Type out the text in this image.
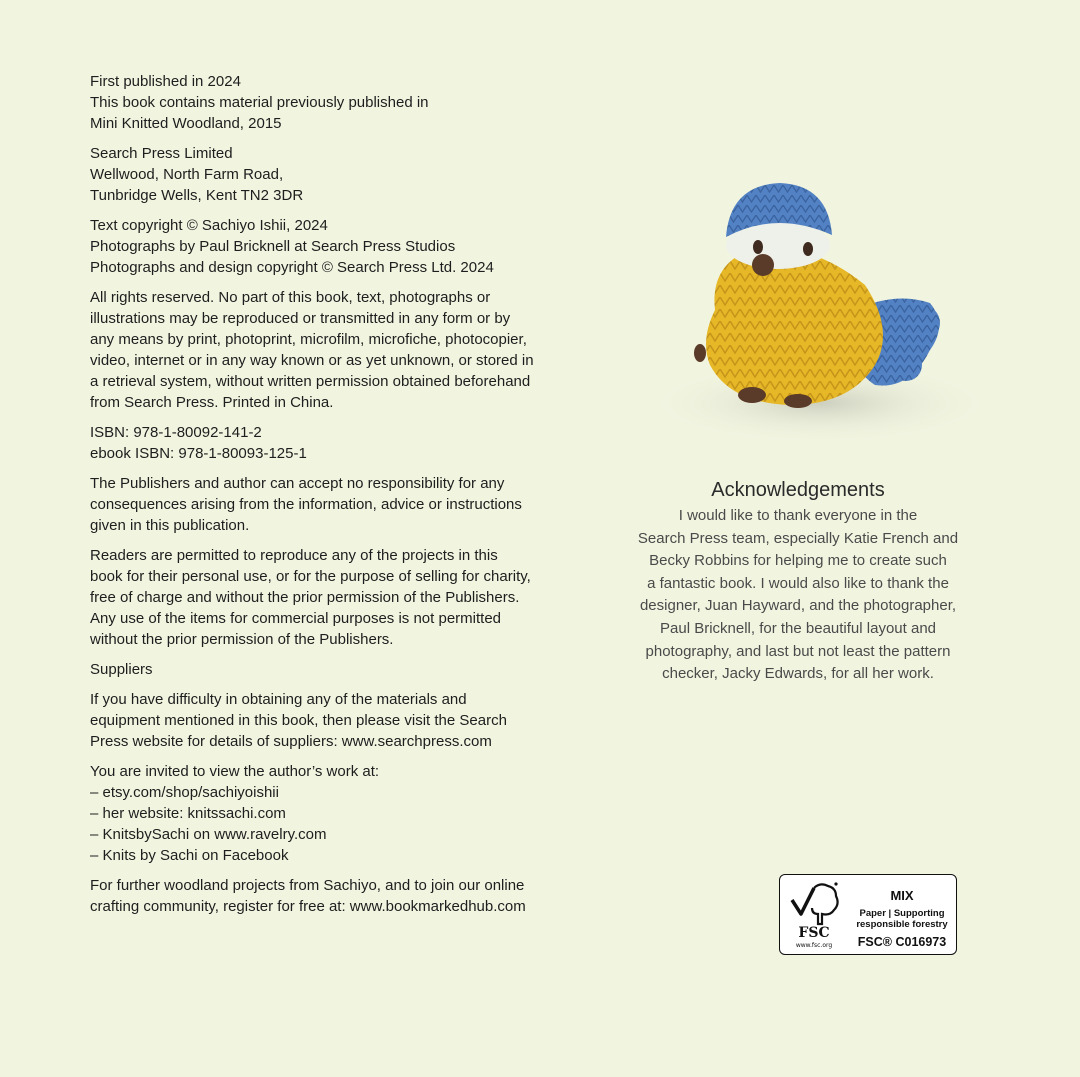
First published in 2024
This book contains material previously published in
Mini Knitted Woodland, 2015

Search Press Limited
Wellwood, North Farm Road,
Tunbridge Wells, Kent TN2 3DR

Text copyright © Sachiyo Ishii, 2024
Photographs by Paul Bricknell at Search Press Studios
Photographs and design copyright © Search Press Ltd. 2024

All rights reserved. No part of this book, text, photographs or
illustrations may be reproduced or transmitted in any form or by
any means by print, photoprint, microfilm, microfiche, photocopier,
video, internet or in any way known or as yet unknown, or stored in
a retrieval system, without written permission obtained beforehand
from Search Press. Printed in China.

ISBN: 978-1-80092-141-2
ebook ISBN: 978-1-80093-125-1

The Publishers and author can accept no responsibility for any
consequences arising from the information, advice or instructions
given in this publication.

Readers are permitted to reproduce any of the projects in this
book for their personal use, or for the purpose of selling for charity,
free of charge and without the prior permission of the Publishers.
Any use of the items for commercial purposes is not permitted
without the prior permission of the Publishers.

Suppliers

If you have difficulty in obtaining any of the materials and
equipment mentioned in this book, then please visit the Search
Press website for details of suppliers: www.searchpress.com

You are invited to view the author’s work at:
– etsy.com/shop/sachiyoishii
– her website: knitssachi.com
– KnitsbySachi on www.ravelry.com
– Knits by Sachi on Facebook

For further woodland projects from Sachiyo, and to join our online
crafting community, register for free at: www.bookmarkedhub.com

Acknowledgements
I would like to thank everyone in the
Search Press team, especially Katie French and
Becky Robbins for helping me to create such
a fantastic book. I would also like to thank the
designer, Juan Hayward, and the photographer,
Paul Bricknell, for the beautiful layout and
photography, and last but not least the pattern
checker, Jacky Edwards, for all her work.
FSC
www.fsc.org
MIX
Paper | Supporting
responsible forestry
FSC® C016973
